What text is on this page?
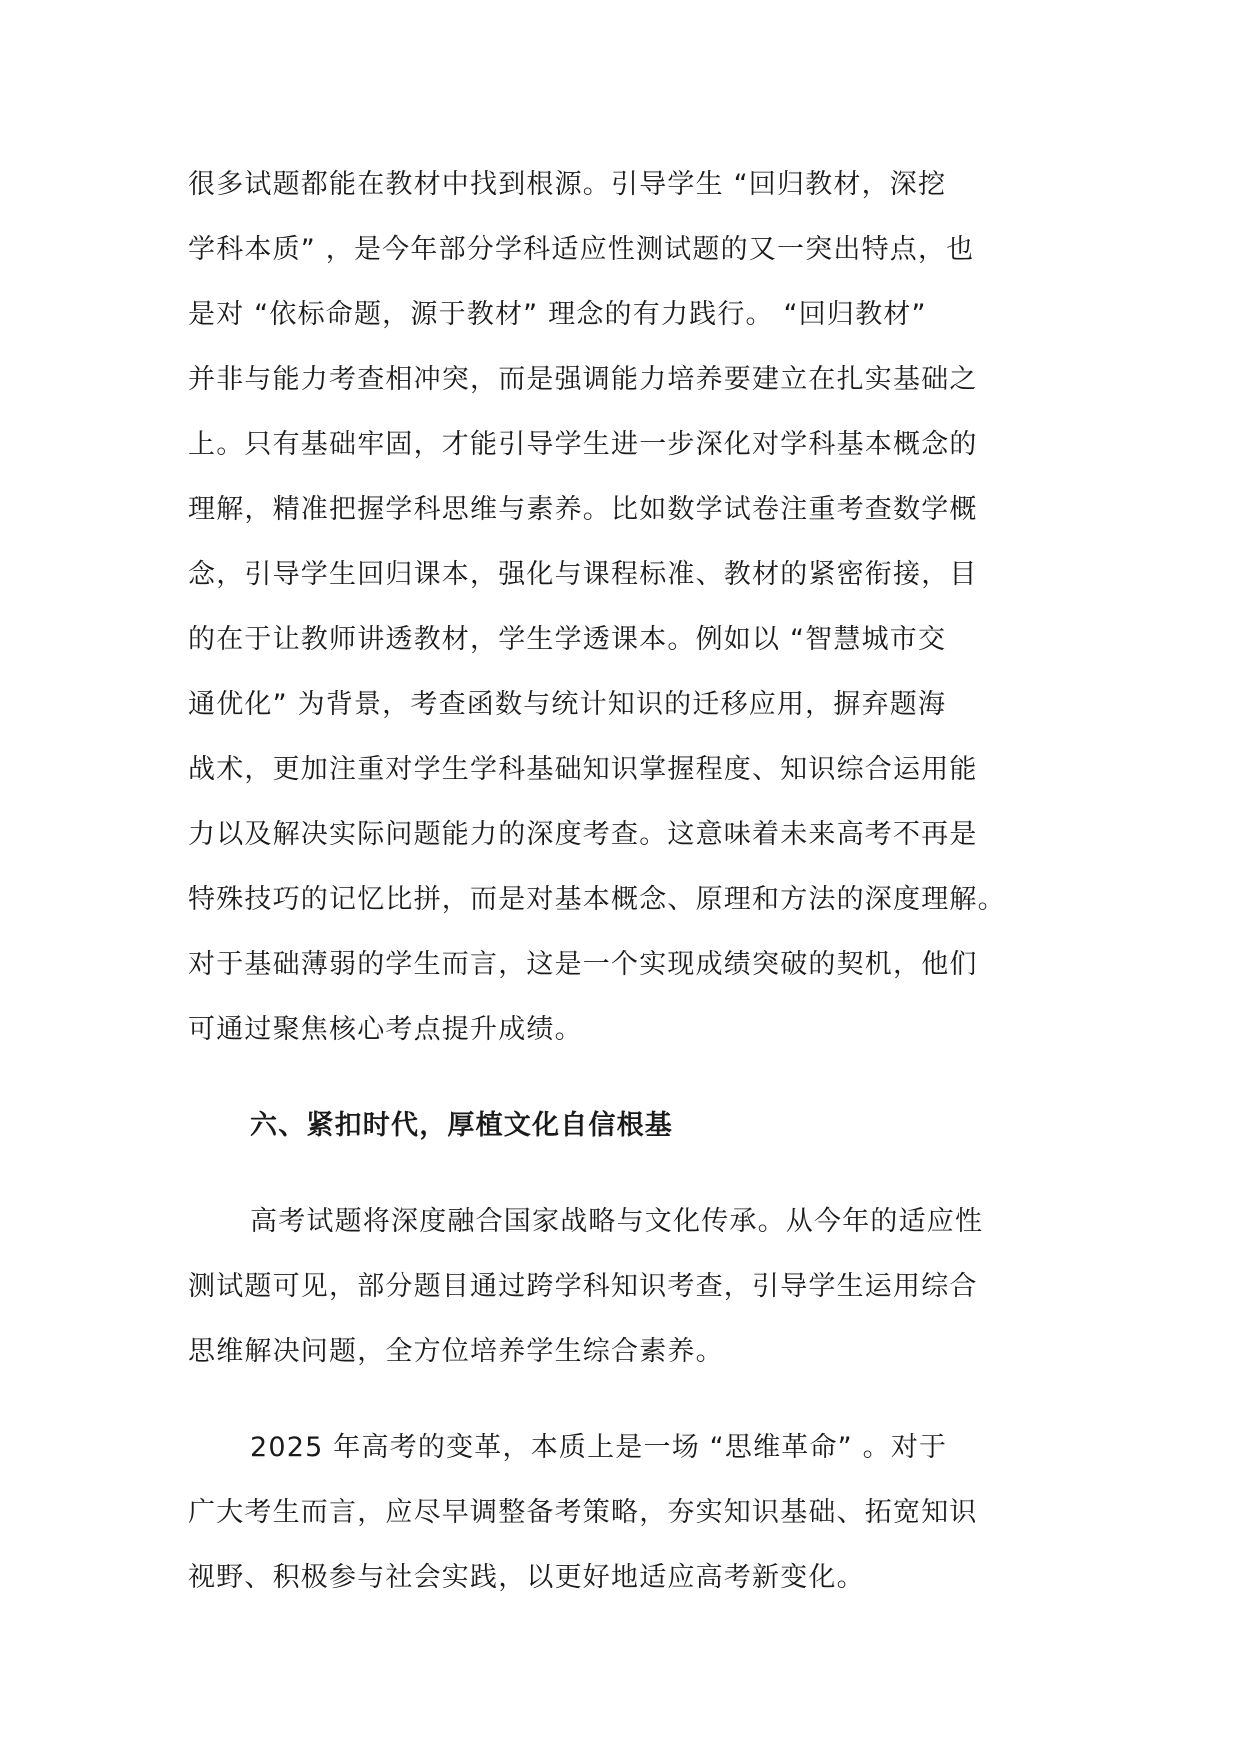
很多试题都能在教材中找到根源。引导学生 “回归教材，深挖
学科本质” ，是今年部分学科适应性测试题的又一突出特点，也
是对 “依标命题，源于教材” 理念的有力践行。 “回归教材”
并非与能力考查相冲突，而是强调能力培养要建立在扎实基础之
上。只有基础牢固，才能引导学生进一步深化对学科基本概念的
理解，精准把握学科思维与素养。比如数学试卷注重考查数学概
念，引导学生回归课本，强化与课程标准、教材的紧密衔接，目
的在于让教师讲透教材，学生学透课本。例如以 “智慧城市交
通优化” 为背景，考查函数与统计知识的迁移应用，摒弃题海
战术，更加注重对学生学科基础知识掌握程度、知识综合运用能
力以及解决实际问题能力的深度考查。这意味着未来高考不再是
特殊技巧的记忆比拼，而是对基本概念、原理和方法的深度理解。
对于基础薄弱的学生而言，这是一个实现成绩突破的契机，他们
可通过聚焦核心考点提升成绩。
六、紧扣时代，厚植文化自信根基
高考试题将深度融合国家战略与文化传承。从今年的适应性
测试题可见，部分题目通过跨学科知识考查，引导学生运用综合
思维解决问题，全方位培养学生综合素养。
2025 年高考的变革，本质上是一场 “思维革命” 。对于
广大考生而言，应尽早调整备考策略，夯实知识基础、拓宽知识
视野、积极参与社会实践，以更好地适应高考新变化。
